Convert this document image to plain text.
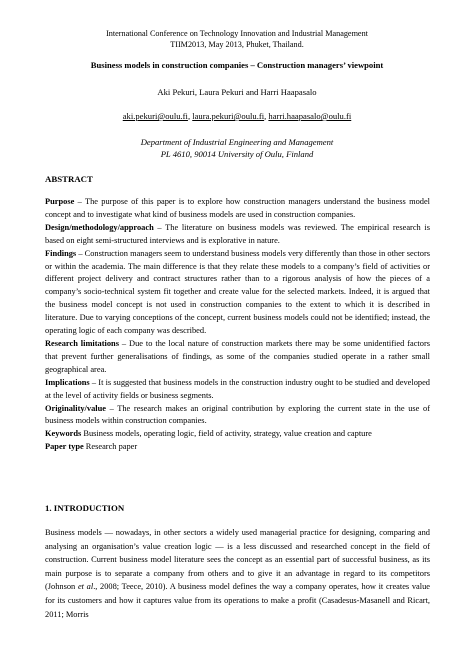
International Conference on Technology Innovation and Industrial Management
TIIM2013, May 2013, Phuket, Thailand.
Business models in construction companies – Construction managers’ viewpoint
Aki Pekuri, Laura Pekuri and Harri Haapasalo
aki.pekuri@oulu.fi, laura.pekuri@oulu.fi, harri.haapasalo@oulu.fi
Department of Industrial Engineering and Management
PL 4610, 90014 University of Oulu, Finland
ABSTRACT
Purpose – The purpose of this paper is to explore how construction managers understand the business model concept and to investigate what kind of business models are used in construction companies.
Design/methodology/approach – The literature on business models was reviewed. The empirical research is based on eight semi-structured interviews and is explorative in nature.
Findings – Construction managers seem to understand business models very differently than those in other sectors or within the academia. The main difference is that they relate these models to a company’s field of activities or different project delivery and contract structures rather than to a rigorous analysis of how the pieces of a company’s socio-technical system fit together and create value for the selected markets. Indeed, it is argued that the business model concept is not used in construction companies to the extent to which it is described in literature. Due to varying conceptions of the concept, current business models could not be identified; instead, the operating logic of each company was described.
Research limitations – Due to the local nature of construction markets there may be some unidentified factors that prevent further generalisations of findings, as some of the companies studied operate in a rather small geographical area.
Implications – It is suggested that business models in the construction industry ought to be studied and developed at the level of activity fields or business segments.
Originality/value – The research makes an original contribution by exploring the current state in the use of business models within construction companies.
Keywords Business models, operating logic, field of activity, strategy, value creation and capture
Paper type Research paper
1. INTRODUCTION
Business models — nowadays, in other sectors a widely used managerial practice for designing, comparing and analysing an organisation’s value creation logic — is a less discussed and researched concept in the field of construction. Current business model literature sees the concept as an essential part of successful business, as its main purpose is to separate a company from others and to give it an advantage in regard to its competitors (Johnson et al., 2008; Teece, 2010). A business model defines the way a company operates, how it creates value for its customers and how it captures value from its operations to make a profit (Casadesus-Masanell and Ricart, 2011; Morris
